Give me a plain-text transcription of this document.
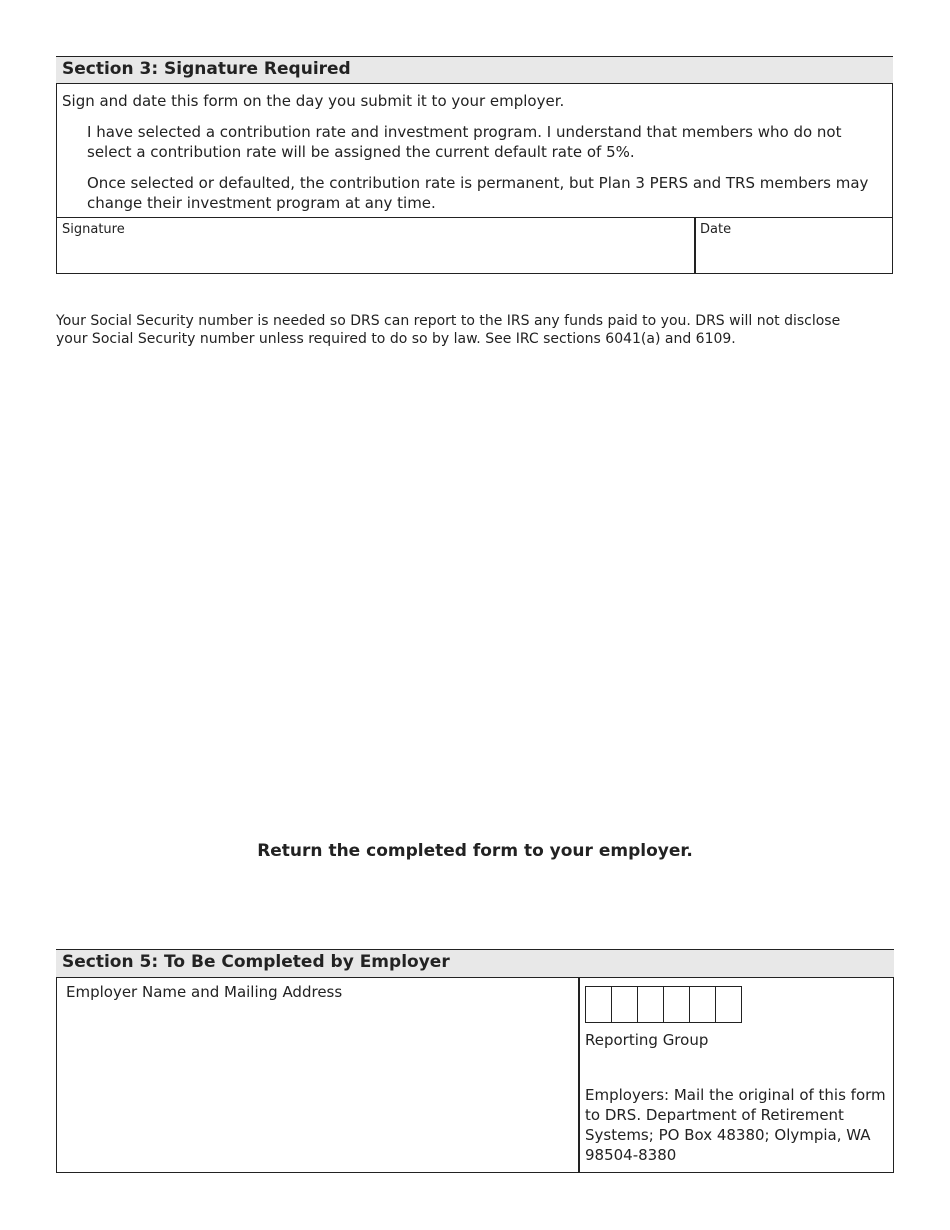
Section 3: Signature Required
Sign and date this form on the day you submit it to your employer.
I have selected a contribution rate and investment program. I understand that members who do not select a contribution rate will be assigned the current default rate of 5%.
Once selected or defaulted, the contribution rate is permanent, but Plan 3 PERS and TRS members may change their investment program at any time.
Signature	Date
Your Social Security number is needed so DRS can report to the IRS any funds paid to you. DRS will not disclose your Social Security number unless required to do so by law. See IRC sections 6041(a) and 6109.
Return the completed form to your employer.
Section 5: To Be Completed by Employer
Employer Name and Mailing Address
Reporting Group
Employers: Mail the original of this form to DRS. Department of Retirement Systems; PO Box 48380; Olympia, WA 98504-8380
